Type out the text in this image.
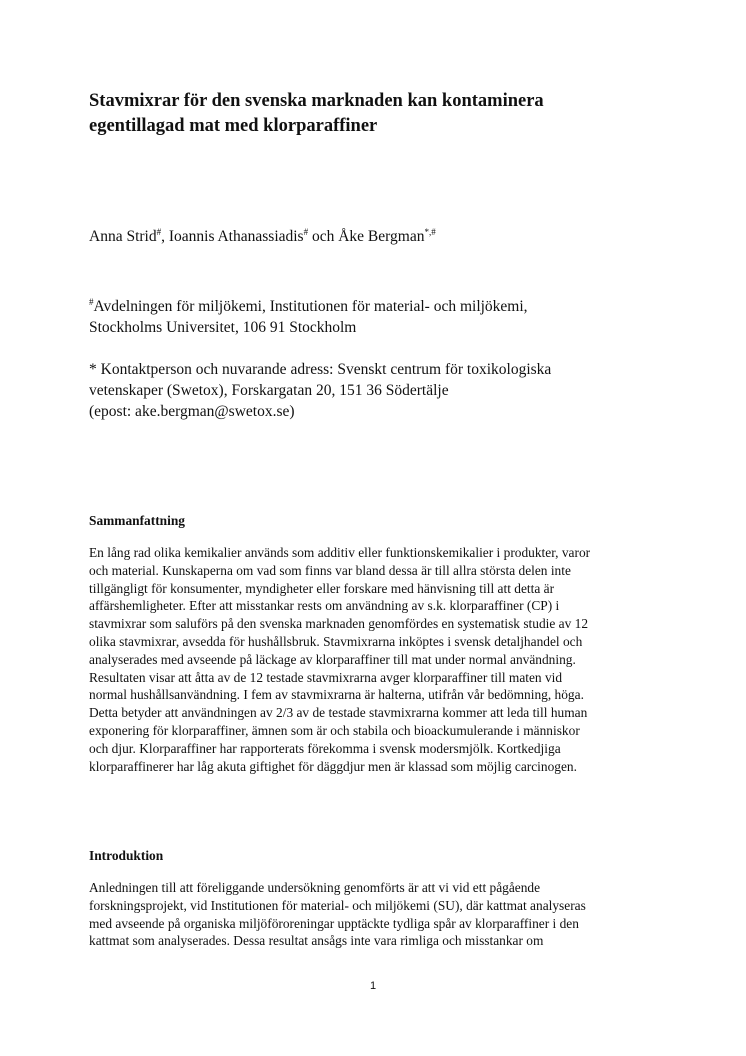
Stavmixrar för den svenska marknaden kan kontaminera
egentillagad mat med klorparaffiner
Anna Strid#, Ioannis Athanassiadis# och Åke Bergman*,#
#Avdelningen för miljökemi, Institutionen för material- och miljökemi,
Stockholms Universitet, 106 91 Stockholm
* Kontaktperson och nuvarande adress: Svenskt centrum för toxikologiska
vetenskaper (Swetox), Forskargatan 20, 151 36 Södertälje
(epost: ake.bergman@swetox.se)
Sammanfattning
En lång rad olika kemikalier används som additiv eller funktionskemikalier i produkter, varor
och material. Kunskaperna om vad som finns var bland dessa är till allra största delen inte
tillgängligt för konsumenter, myndigheter eller forskare med hänvisning till att detta är
affärshemligheter. Efter att misstankar rests om användning av s.k. klorparaffiner (CP) i
stavmixrar som saluförs på den svenska marknaden genomfördes en systematisk studie av 12
olika stavmixrar, avsedda för hushållsbruk. Stavmixrarna inköptes i svensk detaljhandel och
analyserades med avseende på läckage av klorparaffiner till mat under normal användning.
Resultaten visar att åtta av de 12 testade stavmixrarna avger klorparaffiner till maten vid
normal hushållsanvändning. I fem av stavmixrarna är halterna, utifrån vår bedömning, höga.
Detta betyder att användningen av 2/3 av de testade stavmixrarna kommer att leda till human
exponering för klorparaffiner, ämnen som är och stabila och bioackumulerande i människor
och djur. Klorparaffiner har rapporterats förekomma i svensk modersmjölk. Kortkedjiga
klorparaffinerer har låg akuta giftighet för däggdjur men är klassad som möjlig carcinogen.
Introduktion
Anledningen till att föreliggande undersökning genomförts är att vi vid ett pågående
forskningsprojekt, vid Institutionen för material- och miljökemi (SU), där kattmat analyseras
med avseende på organiska miljöföroreningar upptäckte tydliga spår av klorparaffiner i den
kattmat som analyserades. Dessa resultat ansågs inte vara rimliga och misstankar om
1
